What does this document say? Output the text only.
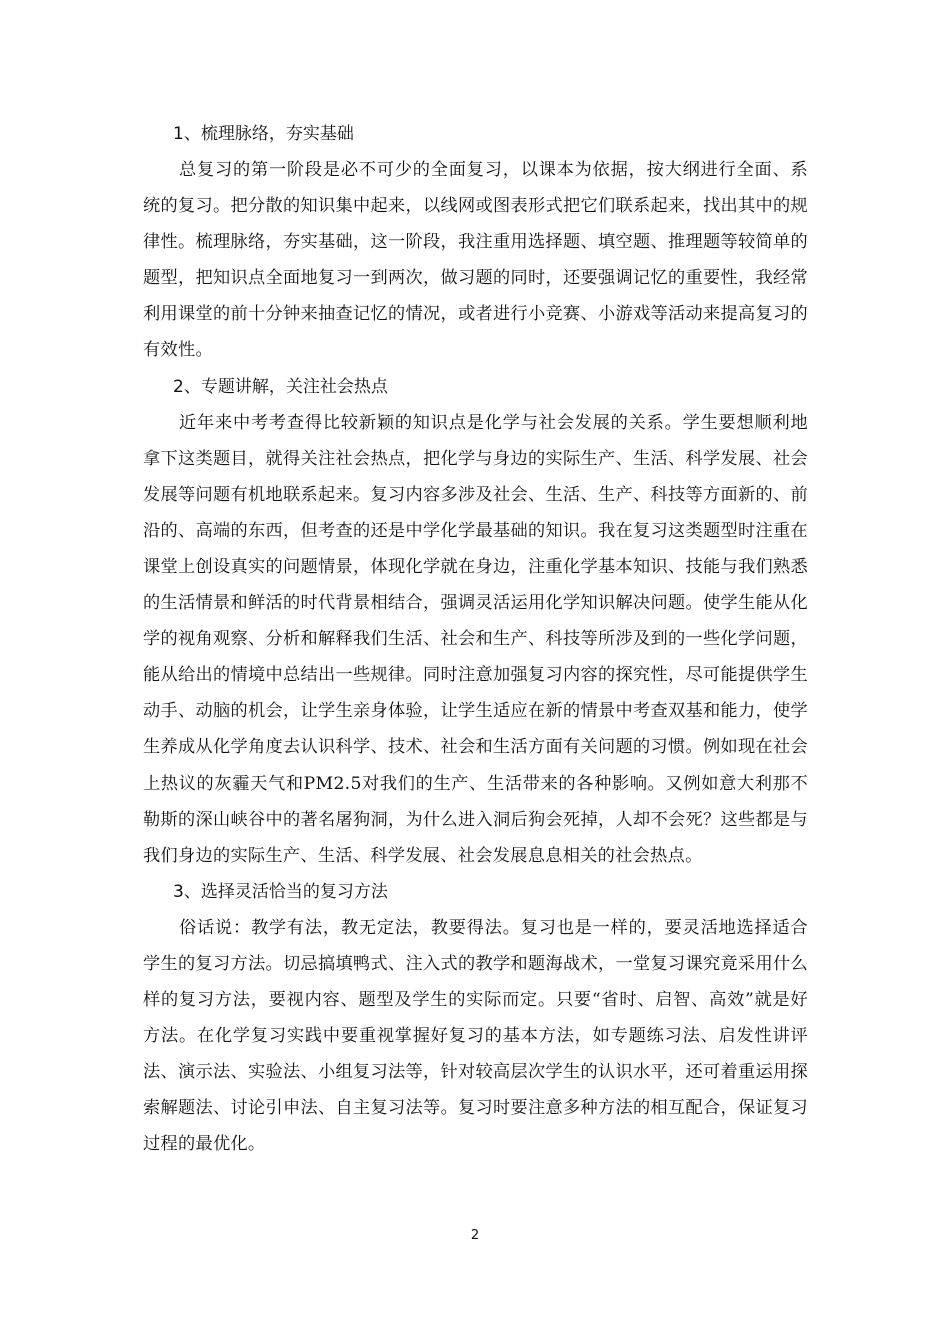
1、梳理脉络，夯实基础

总复习的第一阶段是必不可少的全面复习，以课本为依据，按大纲进行全面、系统的复习。把分散的知识集中起来，以线网或图表形式把它们联系起来，找出其中的规律性。梳理脉络，夯实基础，这一阶段，我注重用选择题、填空题、推理题等较简单的题型，把知识点全面地复习一到两次，做习题的同时，还要强调记忆的重要性，我经常利用课堂的前十分钟来抽查记忆的情况，或者进行小竞赛、小游戏等活动来提高复习的有效性。

2、专题讲解，关注社会热点

近年来中考考查得比较新颖的知识点是化学与社会发展的关系。学生要想顺利地拿下这类题目，就得关注社会热点，把化学与身边的实际生产、生活、科学发展、社会发展等问题有机地联系起来。复习内容多涉及社会、生活、生产、科技等方面新的、前沿的、高端的东西，但考查的还是中学化学最基础的知识。我在复习这类题型时注重在课堂上创设真实的问题情景，体现化学就在身边，注重化学基本知识、技能与我们熟悉的生活情景和鲜活的时代背景相结合，强调灵活运用化学知识解决问题。使学生能从化学的视角观察、分析和解释我们生活、社会和生产、科技等所涉及到的一些化学问题，能从给出的情境中总结出一些规律。同时注意加强复习内容的探究性，尽可能提供学生动手、动脑的机会，让学生亲身体验，让学生适应在新的情景中考查双基和能力，使学生养成从化学角度去认识科学、技术、社会和生活方面有关问题的习惯。例如现在社会上热议的灰霾天气和PM2.5对我们的生产、生活带来的各种影响。又例如意大利那不勒斯的深山峡谷中的著名屠狗洞，为什么进入洞后狗会死掉，人却不会死？这些都是与我们身边的实际生产、生活、科学发展、社会发展息息相关的社会热点。

3、选择灵活恰当的复习方法

俗话说：教学有法，教无定法，教要得法。复习也是一样的，要灵活地选择适合学生的复习方法。切忌搞填鸭式、注入式的教学和题海战术，一堂复习课究竟采用什么样的复习方法，要视内容、题型及学生的实际而定。只要“省时、启智、高效”就是好方法。在化学复习实践中要重视掌握好复习的基本方法，如专题练习法、启发性讲评法、演示法、实验法、小组复习法等，针对较高层次学生的认识水平，还可着重运用探索解题法、讨论引申法、自主复习法等。复习时要注意多种方法的相互配合，保证复习过程的最优化。

2
